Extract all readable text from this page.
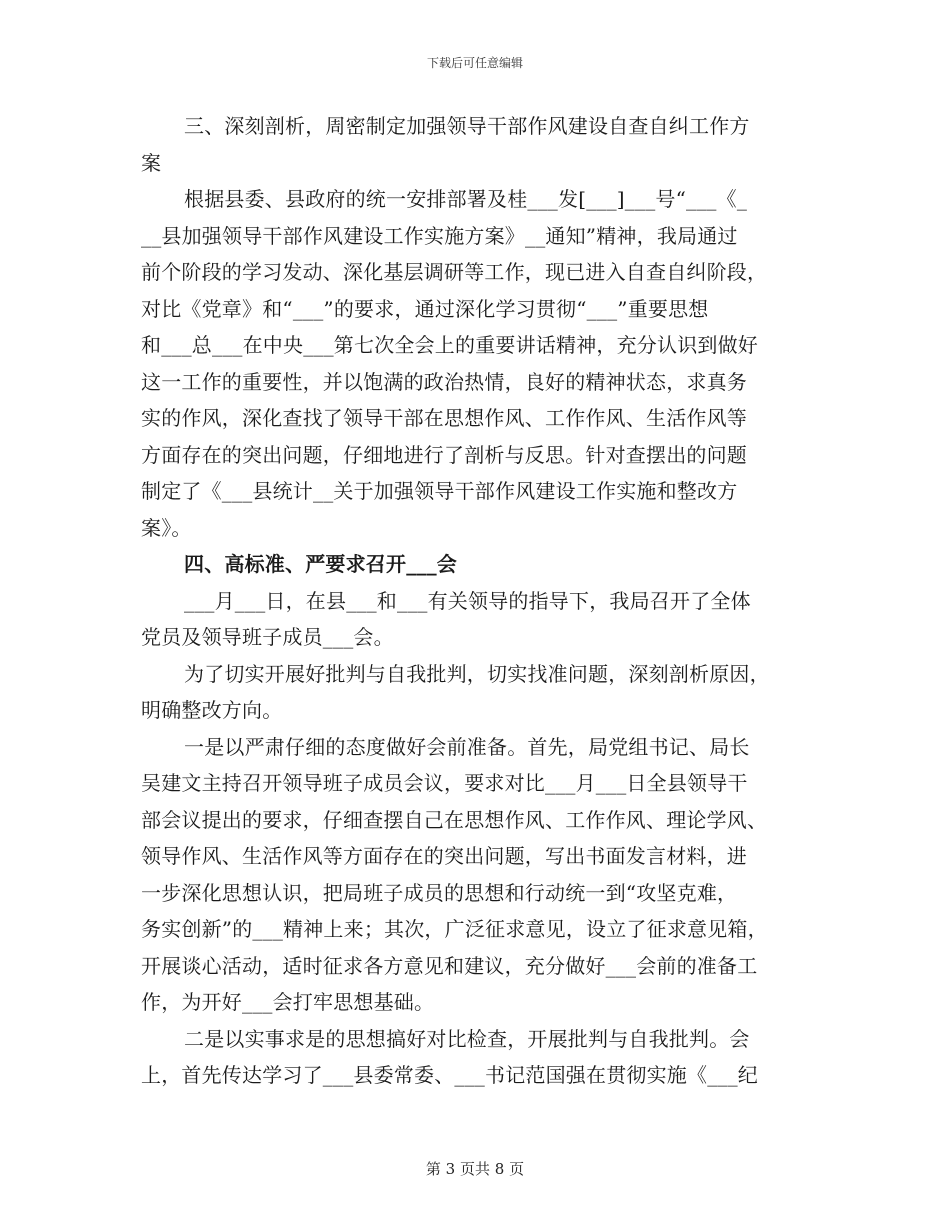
下载后可任意编辑
三、深刻剖析，周密制定加强领导干部作风建设自查自纠工作方
案
根据县委、县政府的统一安排部署及桂___发[___]___号“___《_
__县加强领导干部作风建设工作实施方案》__通知”精神，我局通过
前个阶段的学习发动、深化基层调研等工作，现已进入自查自纠阶段，
对比《党章》和“___”的要求，通过深化学习贯彻“___”重要思想
和___总___在中央___第七次全会上的重要讲话精神，充分认识到做好
这一工作的重要性，并以饱满的政治热情，良好的精神状态，求真务
实的作风，深化查找了领导干部在思想作风、工作作风、生活作风等
方面存在的突出问题，仔细地进行了剖析与反思。针对查摆出的问题
制定了《___县统计__关于加强领导干部作风建设工作实施和整改方
案》。
四、高标准、严要求召开___会
___月___日，在县___和___有关领导的指导下，我局召开了全体
党员及领导班子成员___会。
为了切实开展好批判与自我批判，切实找准问题，深刻剖析原因，
明确整改方向。
一是以严肃仔细的态度做好会前准备。首先，局党组书记、局长
吴建文主持召开领导班子成员会议，要求对比___月___日全县领导干
部会议提出的要求，仔细查摆自己在思想作风、工作作风、理论学风、
领导作风、生活作风等方面存在的突出问题，写出书面发言材料，进
一步深化思想认识，把局班子成员的思想和行动统一到“攻坚克难，
务实创新”的___精神上来；其次，广泛征求意见，设立了征求意见箱，
开展谈心活动，适时征求各方意见和建议，充分做好___会前的准备工
作，为开好___会打牢思想基础。
二是以实事求是的思想搞好对比检查，开展批判与自我批判。会
上，首先传达学习了___县委常委、___书记范国强在贯彻实施《___纪
第 3 页共 8 页
